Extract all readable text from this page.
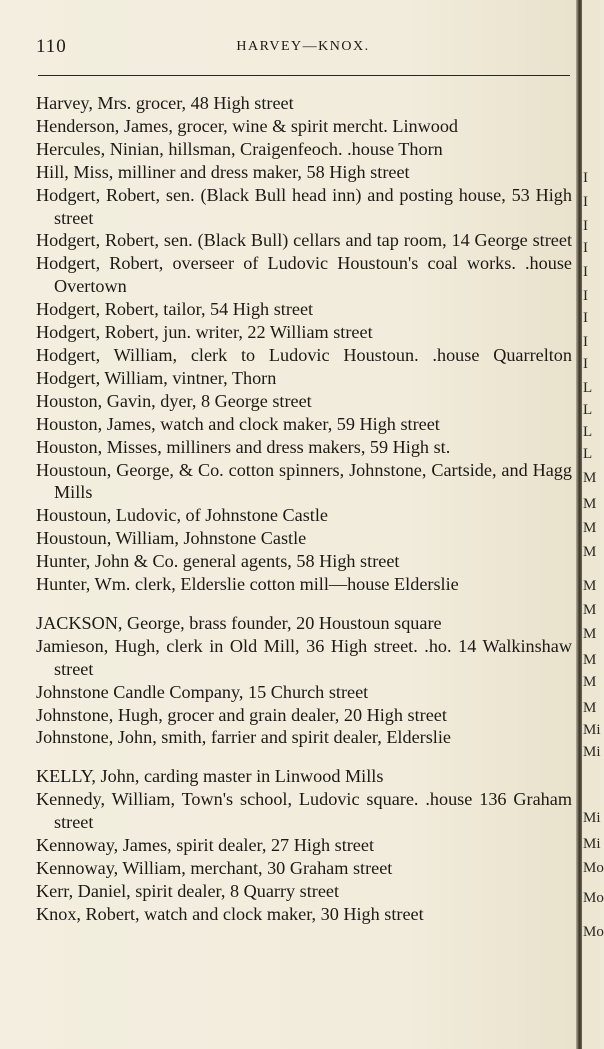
110	HARVEY—KNOX.
Harvey, Mrs. grocer, 48 High street
Henderson, James, grocer, wine & spirit mercht. Linwood
Hercules, Ninian, hillsman, Craigenfeoch. .house Thorn
Hill, Miss, milliner and dress maker, 58 High street
Hodgert, Robert, sen. (Black Bull head inn) and posting house, 53 High street
Hodgert, Robert, sen. (Black Bull) cellars and tap room, 14 George street
Hodgert, Robert, overseer of Ludovic Houstoun's coal works. .house Overtown
Hodgert, Robert, tailor, 54 High street
Hodgert, Robert, jun. writer, 22 William street
Hodgert, William, clerk to Ludovic Houstoun. .house Quarrelton
Hodgert, William, vintner, Thorn
Houston, Gavin, dyer, 8 George street
Houston, James, watch and clock maker, 59 High street
Houston, Misses, milliners and dress makers, 59 High st.
Houstoun, George, & Co. cotton spinners, Johnstone, Cartside, and Hagg Mills
Houstoun, Ludovic, of Johnstone Castle
Houstoun, William, Johnstone Castle
Hunter, John & Co. general agents, 58 High street
Hunter, Wm. clerk, Elderslie cotton mill—house Elderslie
JACKSON, George, brass founder, 20 Houstoun square
Jamieson, Hugh, clerk in Old Mill, 36 High street. .ho. 14 Walkinshaw street
Johnstone Candle Company, 15 Church street
Johnstone, Hugh, grocer and grain dealer, 20 High street
Johnstone, John, smith, farrier and spirit dealer, Elderslie
KELLY, John, carding master in Linwood Mills
Kennedy, William, Town's school, Ludovic square. .house 136 Graham street
Kennoway, James, spirit dealer, 27 High street
Kennoway, William, merchant, 30 Graham street
Kerr, Daniel, spirit dealer, 8 Quarry street
Knox, Robert, watch and clock maker, 30 High street
I
I
I
I
I
I
I
I
I
L
L
L
L
M
M
M
M
M
M
M
M
M
M
Mi
Mi
Mi
Mi
Mo
Mo
Mo
